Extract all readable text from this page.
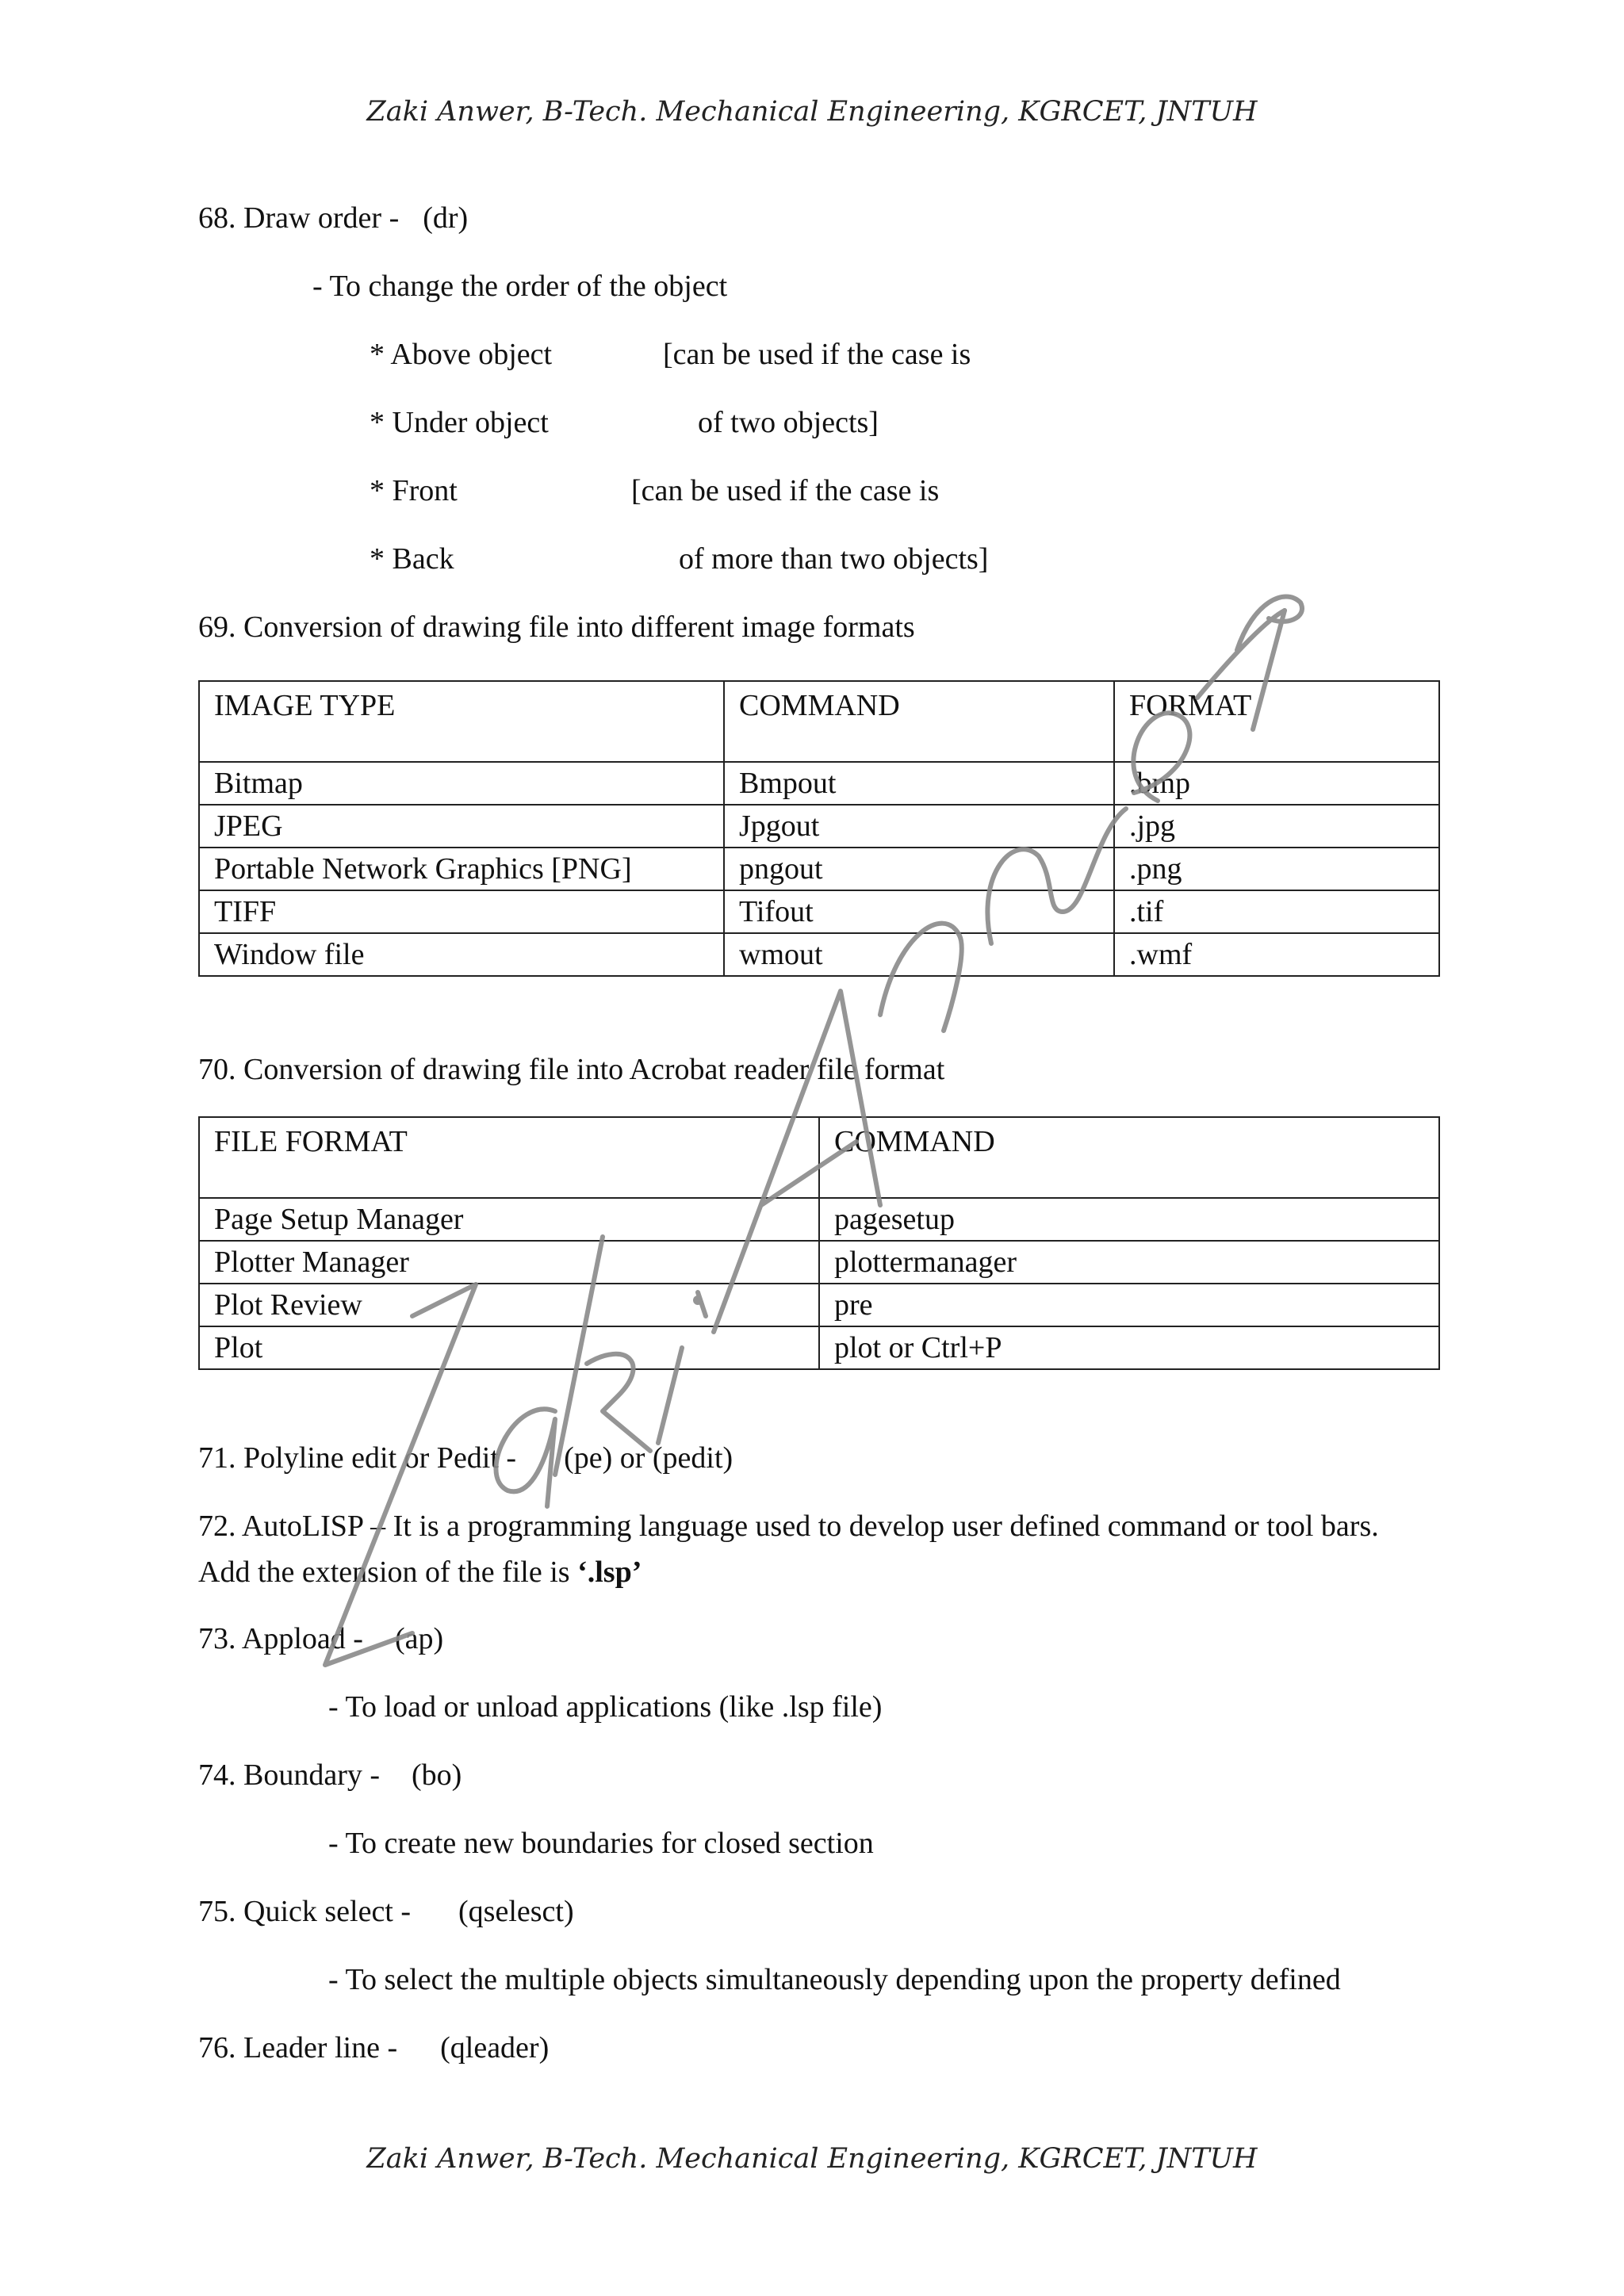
Zaki Anwer, B-Tech. Mechanical Engineering, KGRCET, JNTUH
68. Draw order - (dr)
- To change the order of the object
* Above object	[can be used if the case is
* Under object	of two objects]
* Front	[can be used if the case is
* Back	of more than two objects]
69. Conversion of drawing file into different image formats
IMAGE TYPE	COMMAND	FORMAT
Bitmap	Bmpout	.bmp
JPEG	Jpgout	.jpg
Portable Network Graphics [PNG]	pngout	.png
TIFF	Tifout	.tif
Window file	wmout	.wmf
70. Conversion of drawing file into Acrobat reader file format
FILE FORMAT	COMMAND
Page Setup Manager	pagesetup
Plotter Manager	plottermanager
Plot Review	pre
Plot	plot or Ctrl+P
71. Polyline edit or Pedit - (pe) or (pedit)
72. AutoLISP – It is a programming language used to develop user defined command or tool bars. Add the extension of the file is ‘.lsp’
73. Appload - (ap)
- To load or unload applications (like .lsp file)
74. Boundary - (bo)
- To create new boundaries for closed section
75. Quick select - (qselesct)
- To select the multiple objects simultaneously depending upon the property defined
76. Leader line - (qleader)
Zaki Anwer, B-Tech. Mechanical Engineering, KGRCET, JNTUH
